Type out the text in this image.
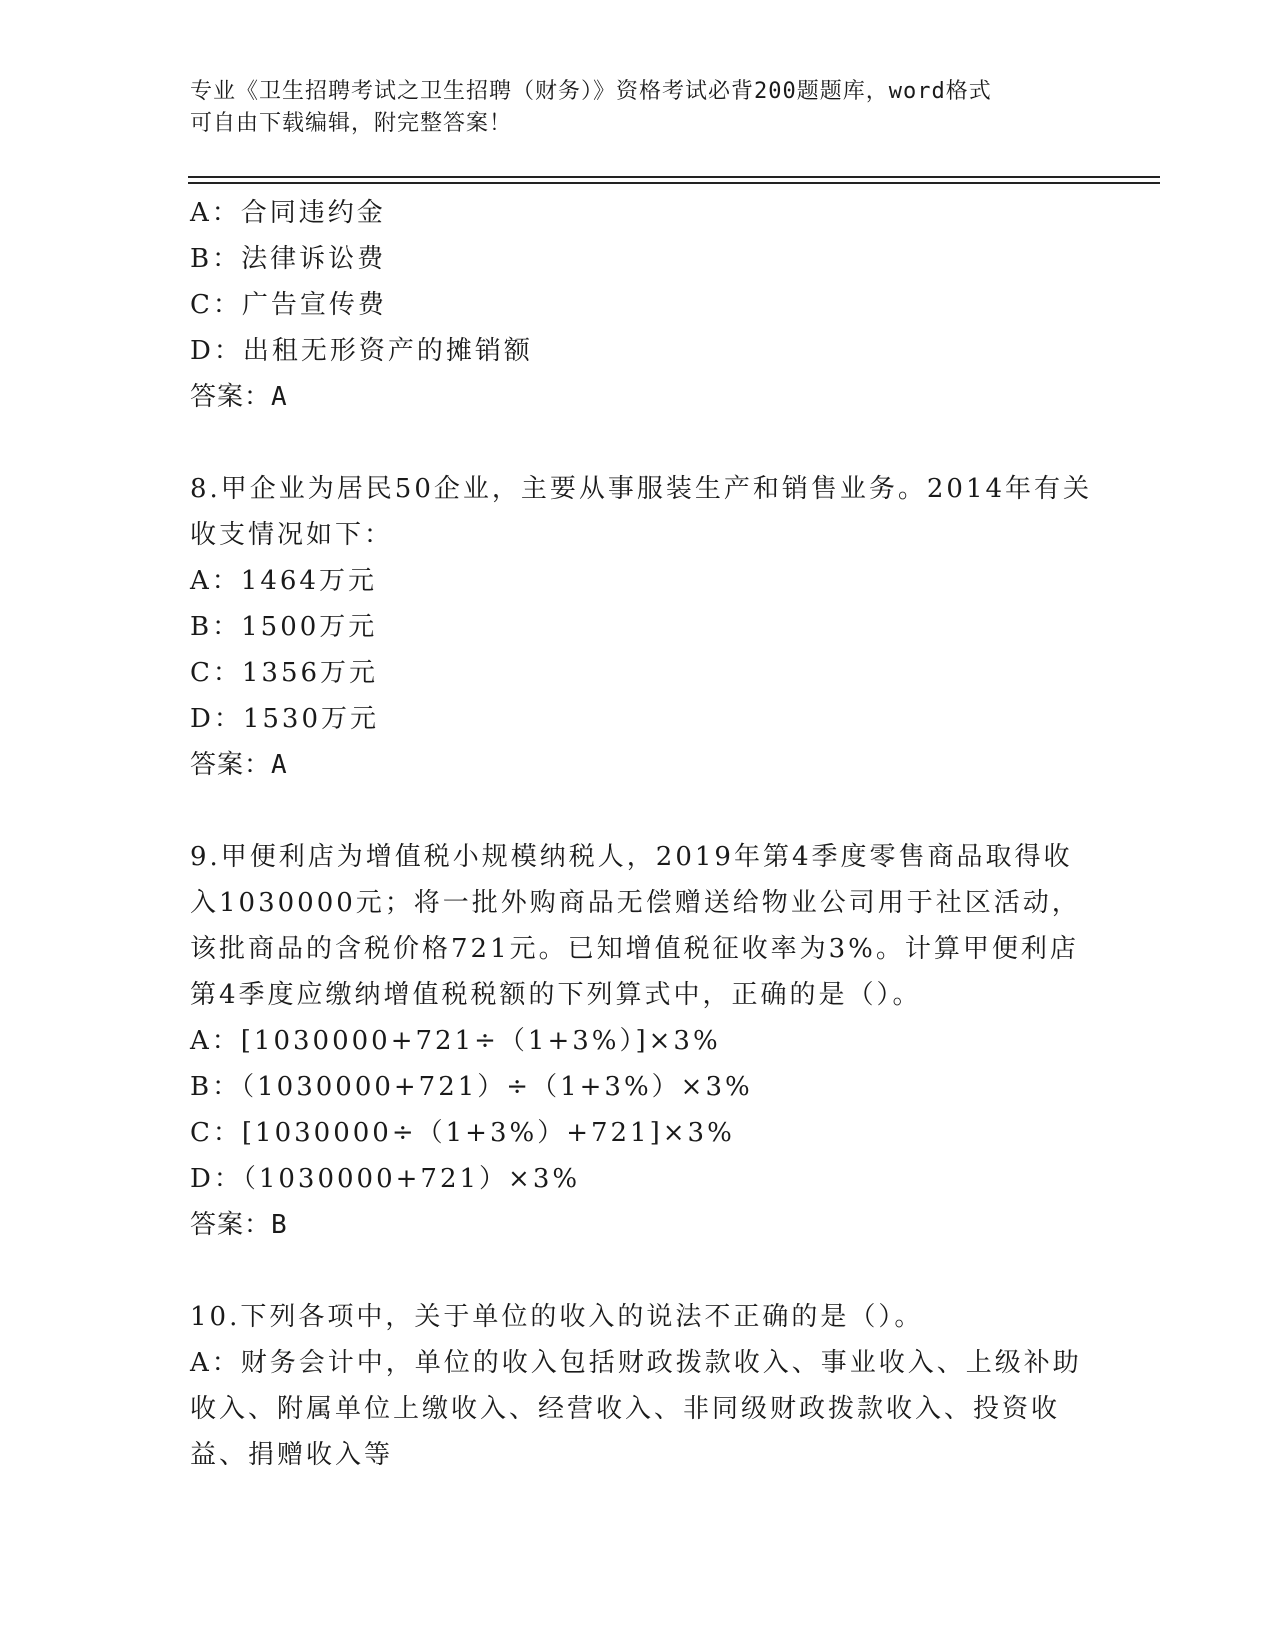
专业《卫生招聘考试之卫生招聘（财务）》资格考试必背200题题库，word格式
可自由下载编辑，附完整答案！
A：合同违约金
B：法律诉讼费
C：广告宣传费
D：出租无形资产的摊销额
答案：A
8.甲企业为居民50企业，主要从事服装生产和销售业务。2014年有关
收支情况如下：
A：1464万元
B：1500万元
C：1356万元
D：1530万元
答案：A
9.甲便利店为增值税小规模纳税人，2019年第4季度零售商品取得收
入1030000元；将一批外购商品无偿赠送给物业公司用于社区活动，
该批商品的含税价格721元。已知增值税征收率为3%。计算甲便利店
第4季度应缴纳增值税税额的下列算式中，正确的是（）。
A：[1030000+721÷（1+3%）]×3%
B：（1030000+721）÷（1+3%）×3%
C：[1030000÷（1+3%）+721]×3%
D：（1030000+721）×3%
答案：B
10.下列各项中，关于单位的收入的说法不正确的是（）。
A：财务会计中，单位的收入包括财政拨款收入、事业收入、上级补助
收入、附属单位上缴收入、经营收入、非同级财政拨款收入、投资收
益、捐赠收入等
